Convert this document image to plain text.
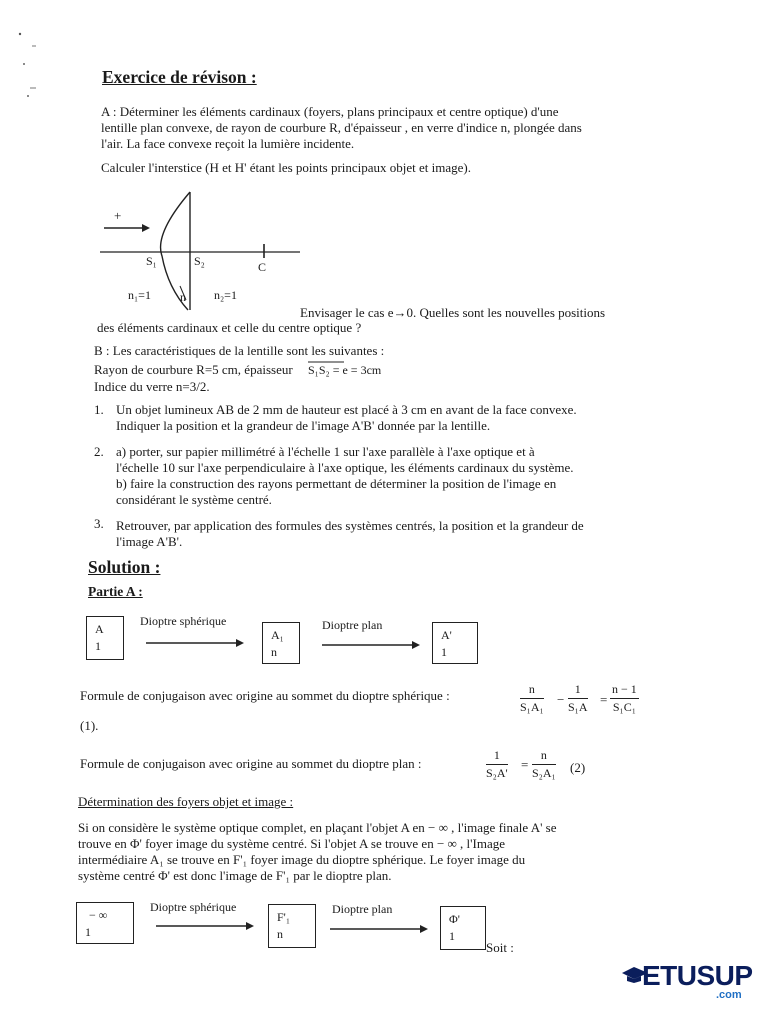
Exercice de révison :
A : Déterminer les éléments cardinaux (foyers, plans principaux et centre optique) d'une
lentille plan convexe, de rayon de courbure R, d'épaisseur , en verre d'indice n, plongée dans
l'air. La face convexe reçoit la lumière incidente.
Calculer l'interstice (H et H' étant les points principaux objet et image).
+
S₁	S₂	C
n₁=1 n n₂=1
Envisager le cas e→0. Quelles sont les nouvelles positions
des éléments cardinaux et celle du centre optique ?
B : Les caractéristiques de la lentille sont les suivantes :
Rayon de courbure R=5 cm, épaisseur S₁S₂ = e = 3cm
Indice du verre n=3/2.
1. Un objet lumineux AB de 2 mm de hauteur est placé à 3 cm en avant de la face convexe.
Indiquer la position et la grandeur de l'image A'B' donnée par la lentille.
2. a) porter, sur papier millimétré à l'échelle 1 sur l'axe parallèle à l'axe optique et à
l'échelle 10 sur l'axe perpendiculaire à l'axe optique, les éléments cardinaux du système.
b) faire la construction des rayons permettant de déterminer la position de l'image en
considérant le système centré.
3. Retrouver, par application des formules des systèmes centrés, la position et la grandeur de
l'image A'B'.
Solution :
Partie A :
A
1
Dioptre sphérique
A₁
n
Dioptre plan
A'
1
Formule de conjugaison avec origine au sommet du dioptre sphérique :	$\frac{n}{\text{S₁A₁}} - \frac{1}{\text{S₁A}} = \frac{n - 1}{\text{S₁C₁}}$
(1).
Formule de conjugaison avec origine au sommet du dioptre plan :	$\frac{1}{\text{S₂A'}} = \frac{n}{\text{S₂A₁}} (2)$
Détermination des foyers objet et image :
Si on considère le système optique complet, en plaçant l'objet A en − ∞ , l'image finale A' se
trouve en Φ' foyer image du système centré. Si l'objet A se trouve en − ∞ , l'Image
intermédiaire A₁ se trouve en F'₁ foyer image du dioptre sphérique. Le foyer image du
système centré Φ' est donc l'image de F'₁ par le dioptre plan.
− ∞
1
Dioptre sphérique
F'₁
n
Dioptre plan
Φ'
1
Soit :
ETUSUP
.com
